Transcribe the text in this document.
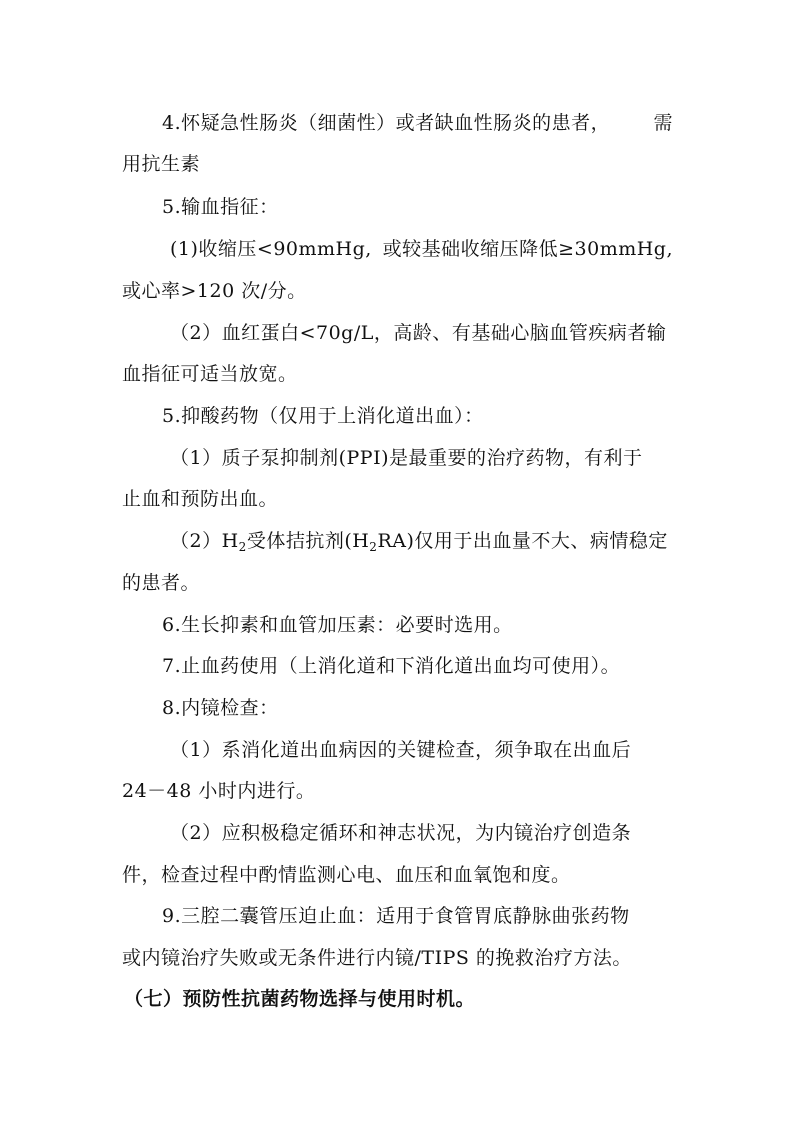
4.怀疑急性肠炎（细菌性）或者缺血性肠炎的患者， 需
用抗生素
5.输血指征：
(1)收缩压<90mmHg, 或较基础收缩压降低≥30mmHg,
或心率>120 次/分。
（2）血红蛋白<70g/L，高龄、有基础心脑血管疾病者输
血指征可适当放宽。
5.抑酸药物（仅用于上消化道出血）：
（1）质子泵抑制剂(PPI)是最重要的治疗药物，有利于
止血和预防出血。
$(2)H_2$受体拮抗剂$(H_2RA)$仅用于出血量不大、病情稳定
的患者。
6.生长抑素和血管加压素：必要时选用。
7.止血药使用（上消化道和下消化道出血均可使用）。
8.内镜检查：
（1）系消化道出血病因的关键检查，须争取在出血后
24－48 小时内进行。
（2）应积极稳定循环和神志状况，为内镜治疗创造条
件，检查过程中酌情监测心电、血压和血氧饱和度。
9.三腔二囊管压迫止血：适用于食管胃底静脉曲张药物
或内镜治疗失败或无条件进行内镜/TIPS 的挽救治疗方法。
（七）预防性抗菌药物选择与使用时机。
